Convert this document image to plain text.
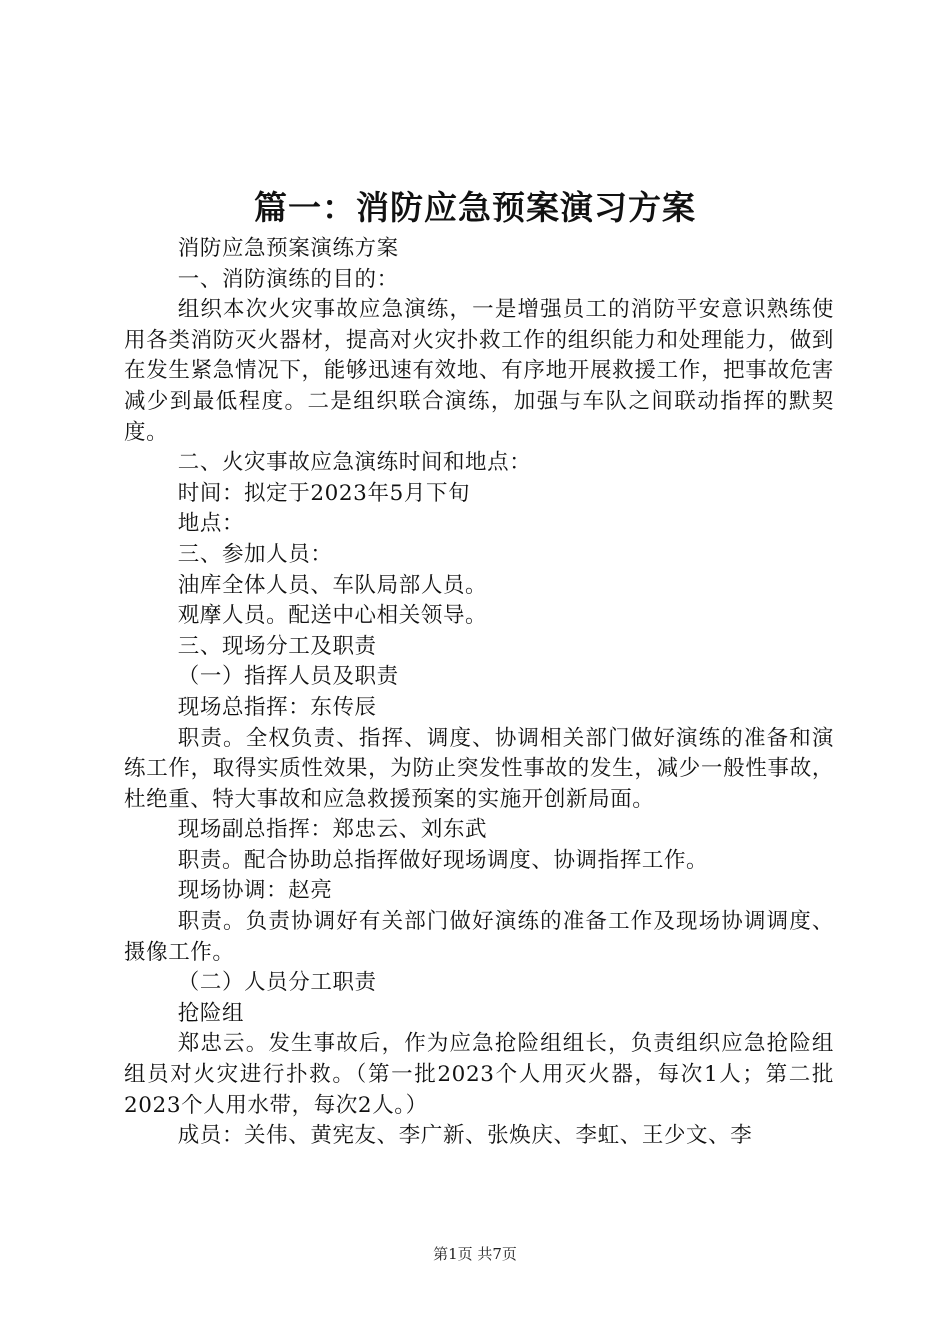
篇一：消防应急预案演习方案

消防应急预案演练方案

一、消防演练的目的：

组织本次火灾事故应急演练，一是增强员工的消防平安意识熟练使用各类消防灭火器材，提高对火灾扑救工作的组织能力和处理能力，做到在发生紧急情况下，能够迅速有效地、有序地开展救援工作，把事故危害减少到最低程度。二是组织联合演练，加强与车队之间联动指挥的默契度。

二、火灾事故应急演练时间和地点：

时间：拟定于2023年5月下旬

地点：

三、参加人员：

油库全体人员、车队局部人员。

观摩人员。配送中心相关领导。

三、现场分工及职责

（一）指挥人员及职责

现场总指挥：东传辰

职责。全权负责、指挥、调度、协调相关部门做好演练的准备和演练工作，取得实质性效果，为防止突发性事故的发生，减少一般性事故，杜绝重、特大事故和应急救援预案的实施开创新局面。

现场副总指挥：郑忠云、刘东武

职责。配合协助总指挥做好现场调度、协调指挥工作。

现场协调：赵亮

职责。负责协调好有关部门做好演练的准备工作及现场协调调度、摄像工作。

（二）人员分工职责

抢险组

郑忠云。发生事故后，作为应急抢险组组长，负责组织应急抢险组组员对火灾进行扑救。（第一批2023个人用灭火器，每次1人；第二批2023个人用水带，每次2人。）

成员：关伟、黄宪友、李广新、张焕庆、李虹、王少文、李

第1页 共7页
